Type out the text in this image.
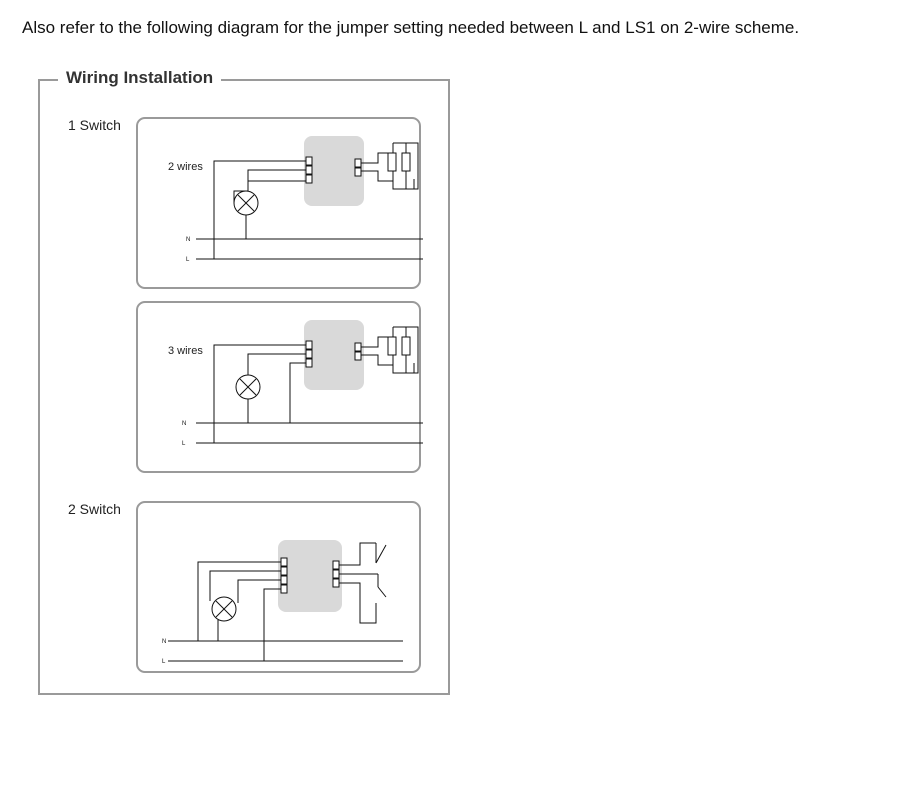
Also refer to the following diagram for the jumper setting needed between L and LS1 on 2-wire scheme.
Wiring Installation
1 Switch
2 Switch
2 wires
N
L
3 wires
N
L
N
L
